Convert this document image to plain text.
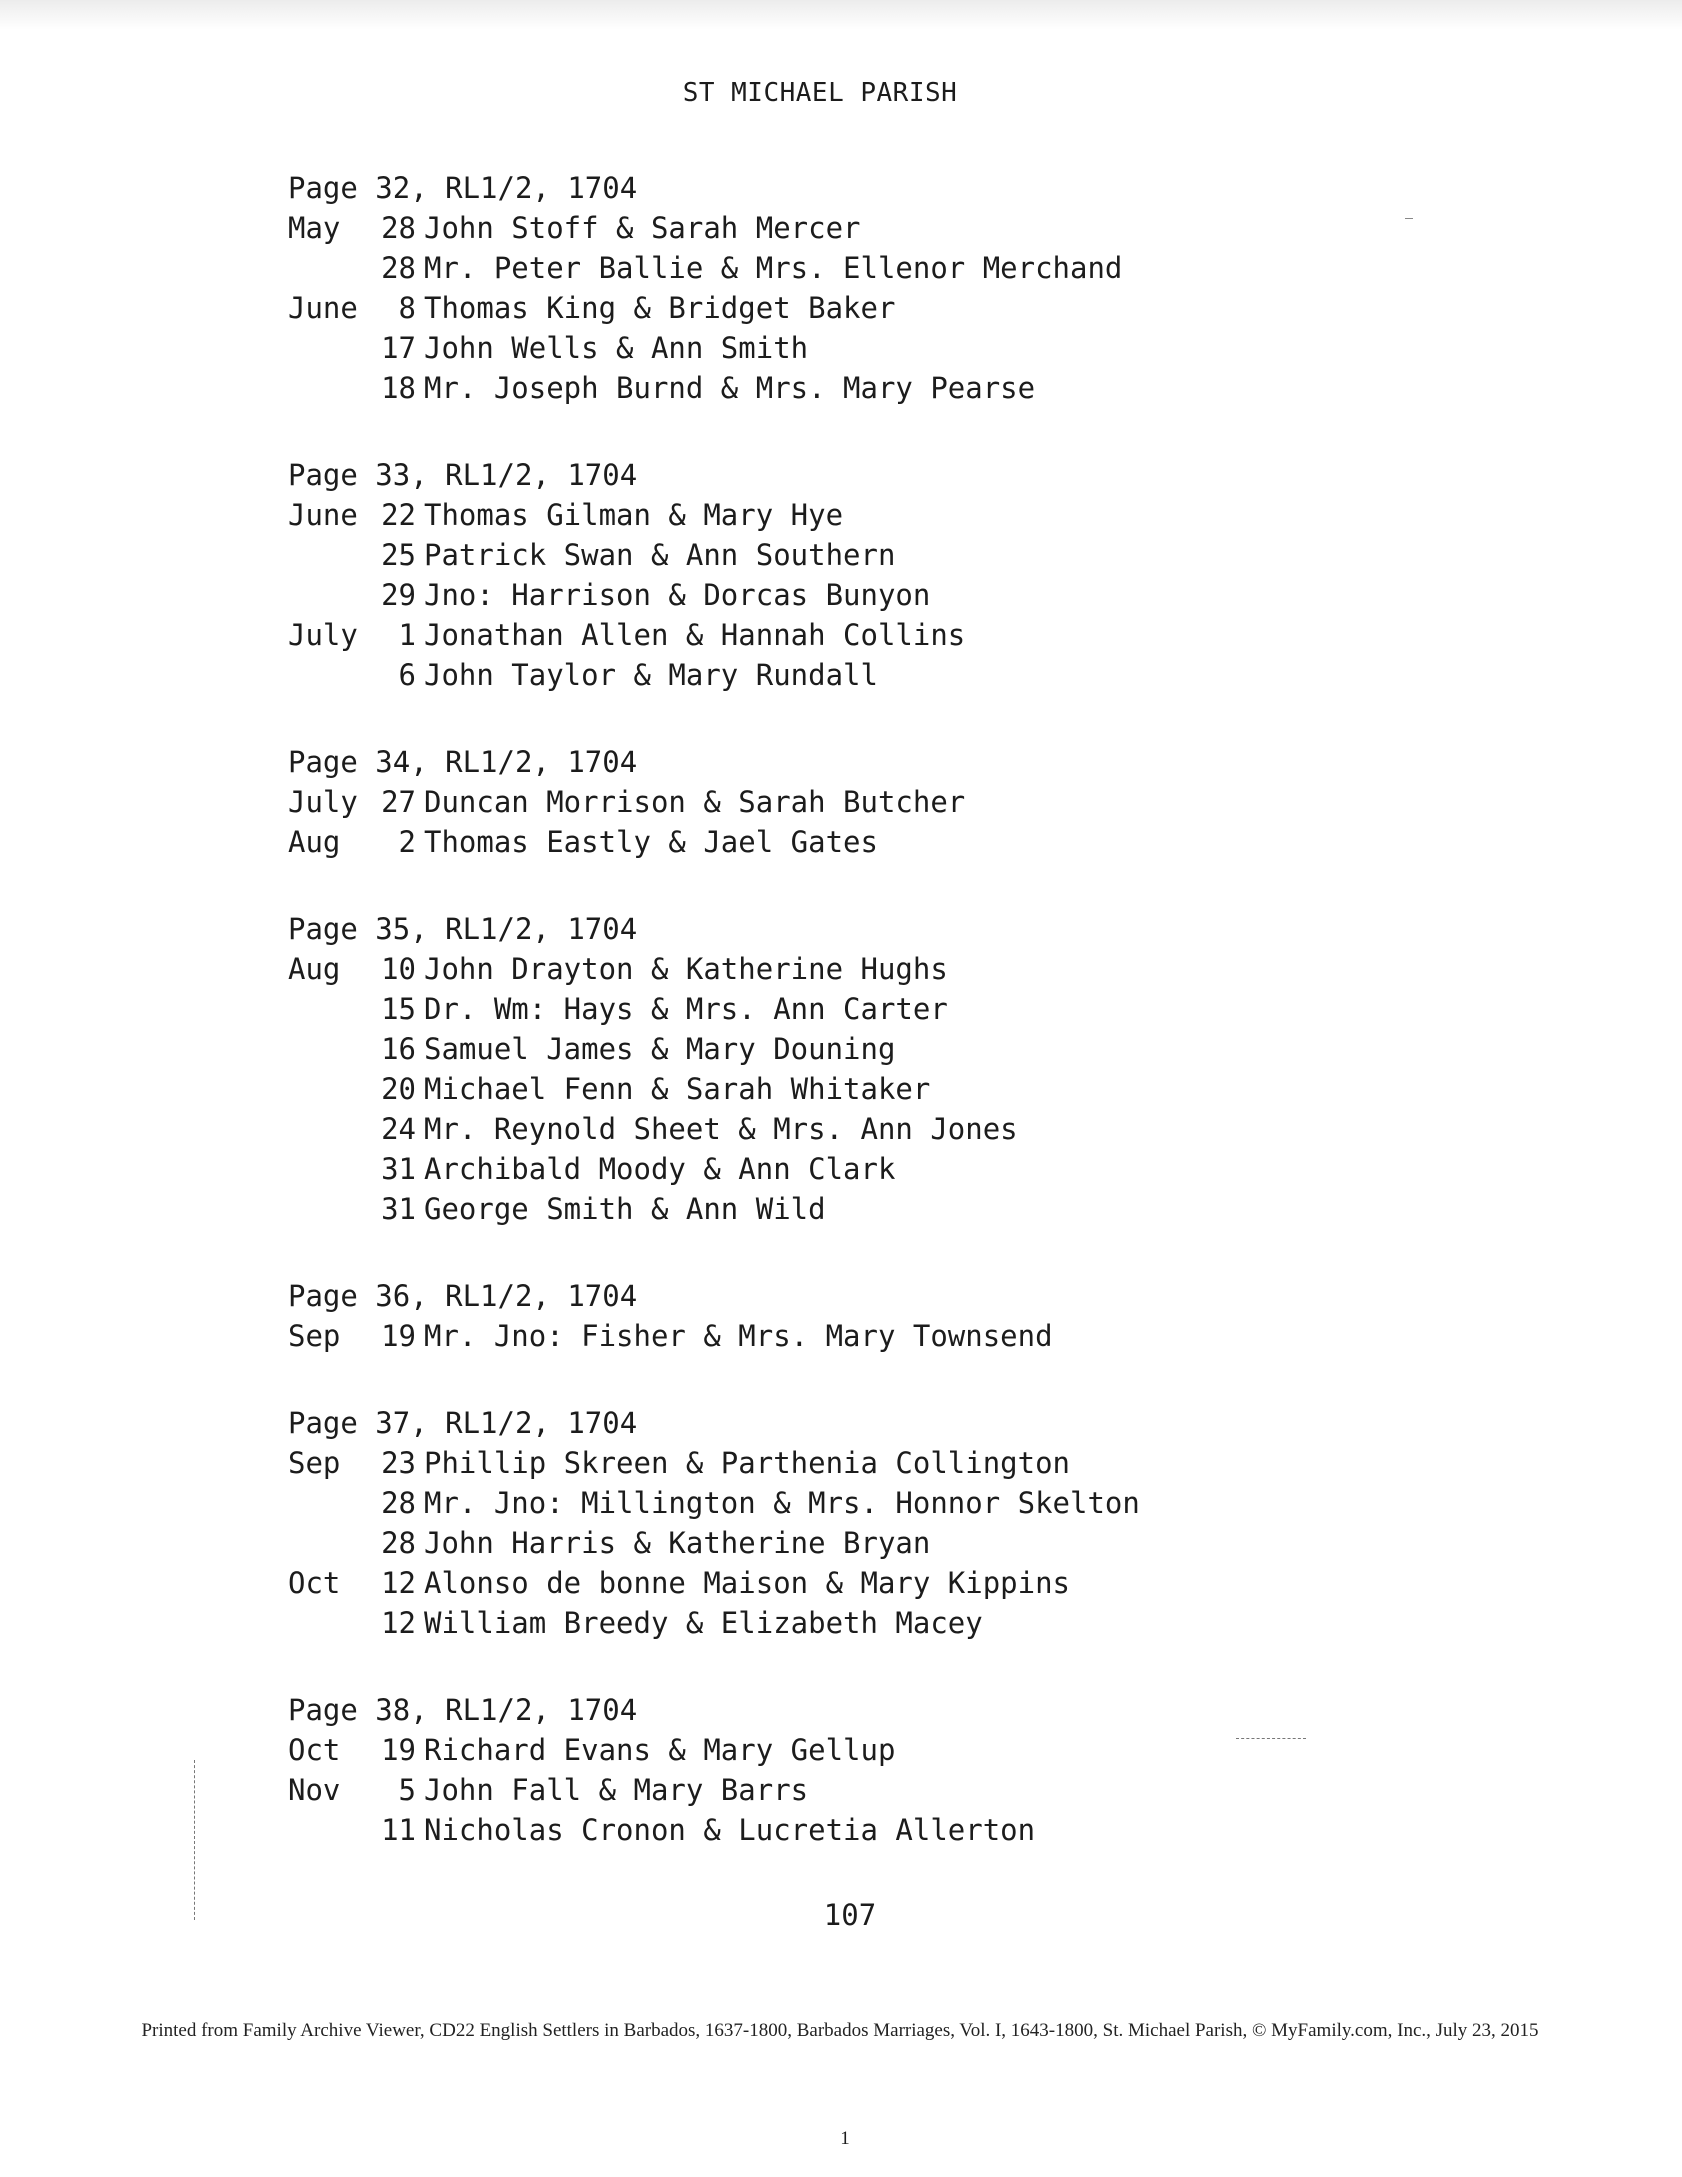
ST MICHAEL PARISH
Page 32, RL1/2, 1704
May 28 John Stoff & Sarah Mercer
28 Mr. Peter Ballie & Mrs. Ellenor Merchand
June 8 Thomas King & Bridget Baker
17 John Wells & Ann Smith
18 Mr. Joseph Burnd & Mrs. Mary Pearse
Page 33, RL1/2, 1704
June 22 Thomas Gilman & Mary Hye
25 Patrick Swan & Ann Southern
29 Jno: Harrison & Dorcas Bunyon
July 1 Jonathan Allen & Hannah Collins
6 John Taylor & Mary Rundall
Page 34, RL1/2, 1704
July 27 Duncan Morrison & Sarah Butcher
Aug 2 Thomas Eastly & Jael Gates
Page 35, RL1/2, 1704
Aug 10 John Drayton & Katherine Hughs
15 Dr. Wm: Hays & Mrs. Ann Carter
16 Samuel James & Mary Douning
20 Michael Fenn & Sarah Whitaker
24 Mr. Reynold Sheet & Mrs. Ann Jones
31 Archibald Moody & Ann Clark
31 George Smith & Ann Wild
Page 36, RL1/2, 1704
Sep 19 Mr. Jno: Fisher & Mrs. Mary Townsend
Page 37, RL1/2, 1704
Sep 23 Phillip Skreen & Parthenia Collington
28 Mr. Jno: Millington & Mrs. Honnor Skelton
28 John Harris & Katherine Bryan
Oct 12 Alonso de bonne Maison & Mary Kippins
12 William Breedy & Elizabeth Macey
Page 38, RL1/2, 1704
Oct 19 Richard Evans & Mary Gellup
Nov 5 John Fall & Mary Barrs
11 Nicholas Cronon & Lucretia Allerton
107
Printed from Family Archive Viewer, CD22 English Settlers in Barbados, 1637-1800, Barbados Marriages, Vol. I, 1643-1800, St. Michael Parish, © MyFamily.com, Inc., July 23, 2015
1
